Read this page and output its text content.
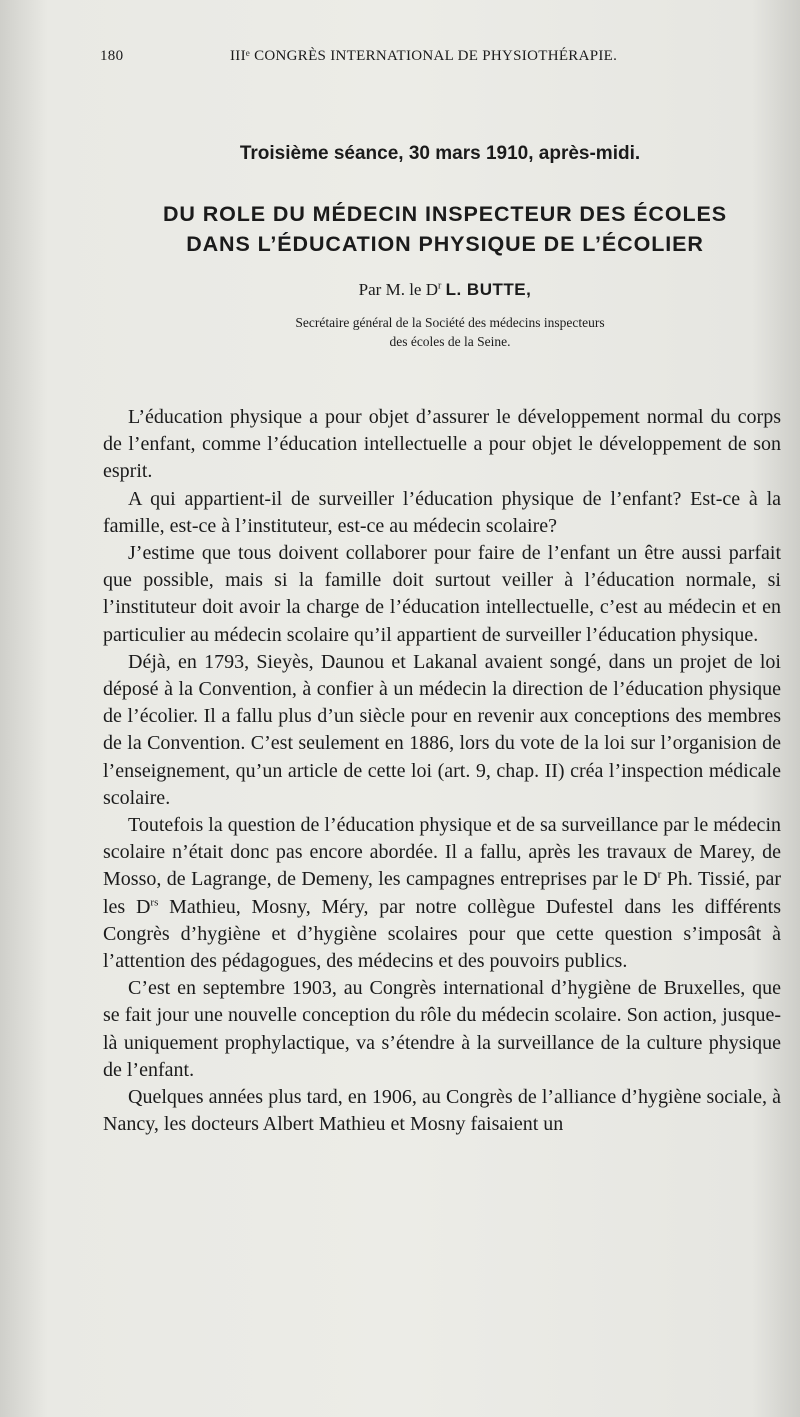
180	IIIᵉ CONGRÈS INTERNATIONAL DE PHYSIOTHÉRAPIE.
Troisième séance, 30 mars 1910, après-midi.
DU ROLE DU MÉDECIN INSPECTEUR DES ÉCOLES
DANS L’ÉDUCATION PHYSIQUE DE L’ÉCOLIER
Par M. le $D^r$ L. BUTTE,
Secrétaire général de la Société des médecins inspecteurs
des écoles de la Seine.

L’éducation physique a pour objet d’assurer le développement normal du corps de l’enfant, comme l’éducation intellectuelle a pour objet le développement de son esprit.

A qui appartient-il de surveiller l’éducation physique de l’enfant? Est-ce à la famille, est-ce à l’instituteur, est-ce au médecin scolaire?

J’estime que tous doivent collaborer pour faire de l’enfant un être aussi parfait que possible, mais si la famille doit surtout veiller à l’éducation normale, si l’instituteur doit avoir la charge de l’éducation intellectuelle, c’est au médecin et en particulier au médecin scolaire qu’il appartient de surveiller l’éducation physique.

Déjà, en 1793, Sieyès, Daunou et Lakanal avaient songé, dans un projet de loi déposé à la Convention, à confier à un médecin la direction de l’éducation physique de l’écolier. Il a fallu plus d’un siècle pour en revenir aux conceptions des membres de la Convention. C’est seulement en 1886, lors du vote de la loi sur l’organision de l’enseignement, qu’un article de cette loi (art. 9, chap. II) créa l’inspection médicale scolaire.

Toutefois la question de l’éducation physique et de sa surveillance par le médecin scolaire n’était donc pas encore abordée. Il a fallu, après les travaux de Marey, de Mosso, de Lagrange, de Demeny, les campagnes entreprises par le $D^r$ Ph. Tissié, par les $D^{rs}$ Mathieu, Mosny, Méry, par notre collègue Dufestel dans les différents Congrès d’hygiène et d’hygiène scolaires pour que cette question s’imposât à l’attention des pédagogues, des médecins et des pouvoirs publics.

C’est en septembre 1903, au Congrès international d’hygiène de Bruxelles, que se fait jour une nouvelle conception du rôle du médecin scolaire. Son action, jusque-là uniquement prophylactique, va s’étendre à la surveillance de la culture physique de l’enfant.

Quelques années plus tard, en 1906, au Congrès de l’alliance d’hygiène sociale, à Nancy, les docteurs Albert Mathieu et Mosny faisaient un
